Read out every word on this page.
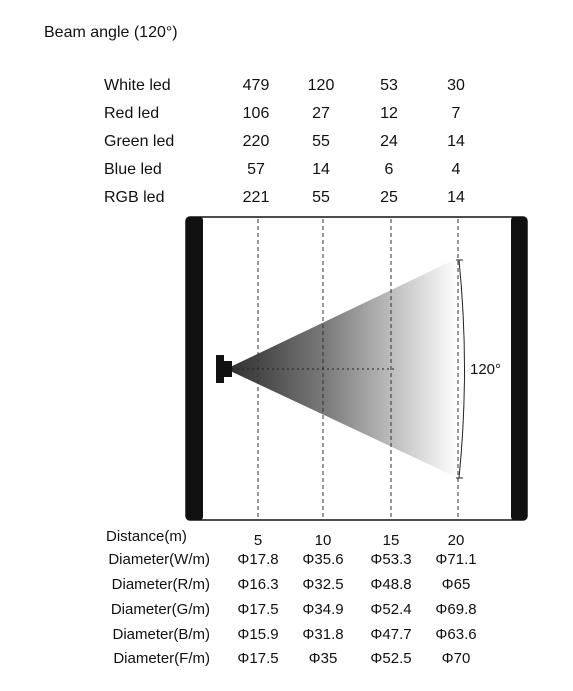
Beam angle (120°)
White led	479 120	53	30
Red led	106	27	12	7
Green led	220	55	24	14
Blue led	57	14	6	4
RGB led	221	55	25	14
120°
Distance(m)	5	10	15	20
Diameter(W/m) Φ17.8 Φ35.6 Φ53.3 Φ71.1
Diameter(R/m) Φ16.3 Φ32.5 Φ48.8 Φ65
Diameter(G/m) Φ17.5 Φ34.9 Φ52.4 Φ69.8
Diameter(B/m) Φ15.9 Φ31.8 Φ47.7 Φ63.6
Diameter(F/m) Φ17.5 Φ35 Φ52.5 Φ70
